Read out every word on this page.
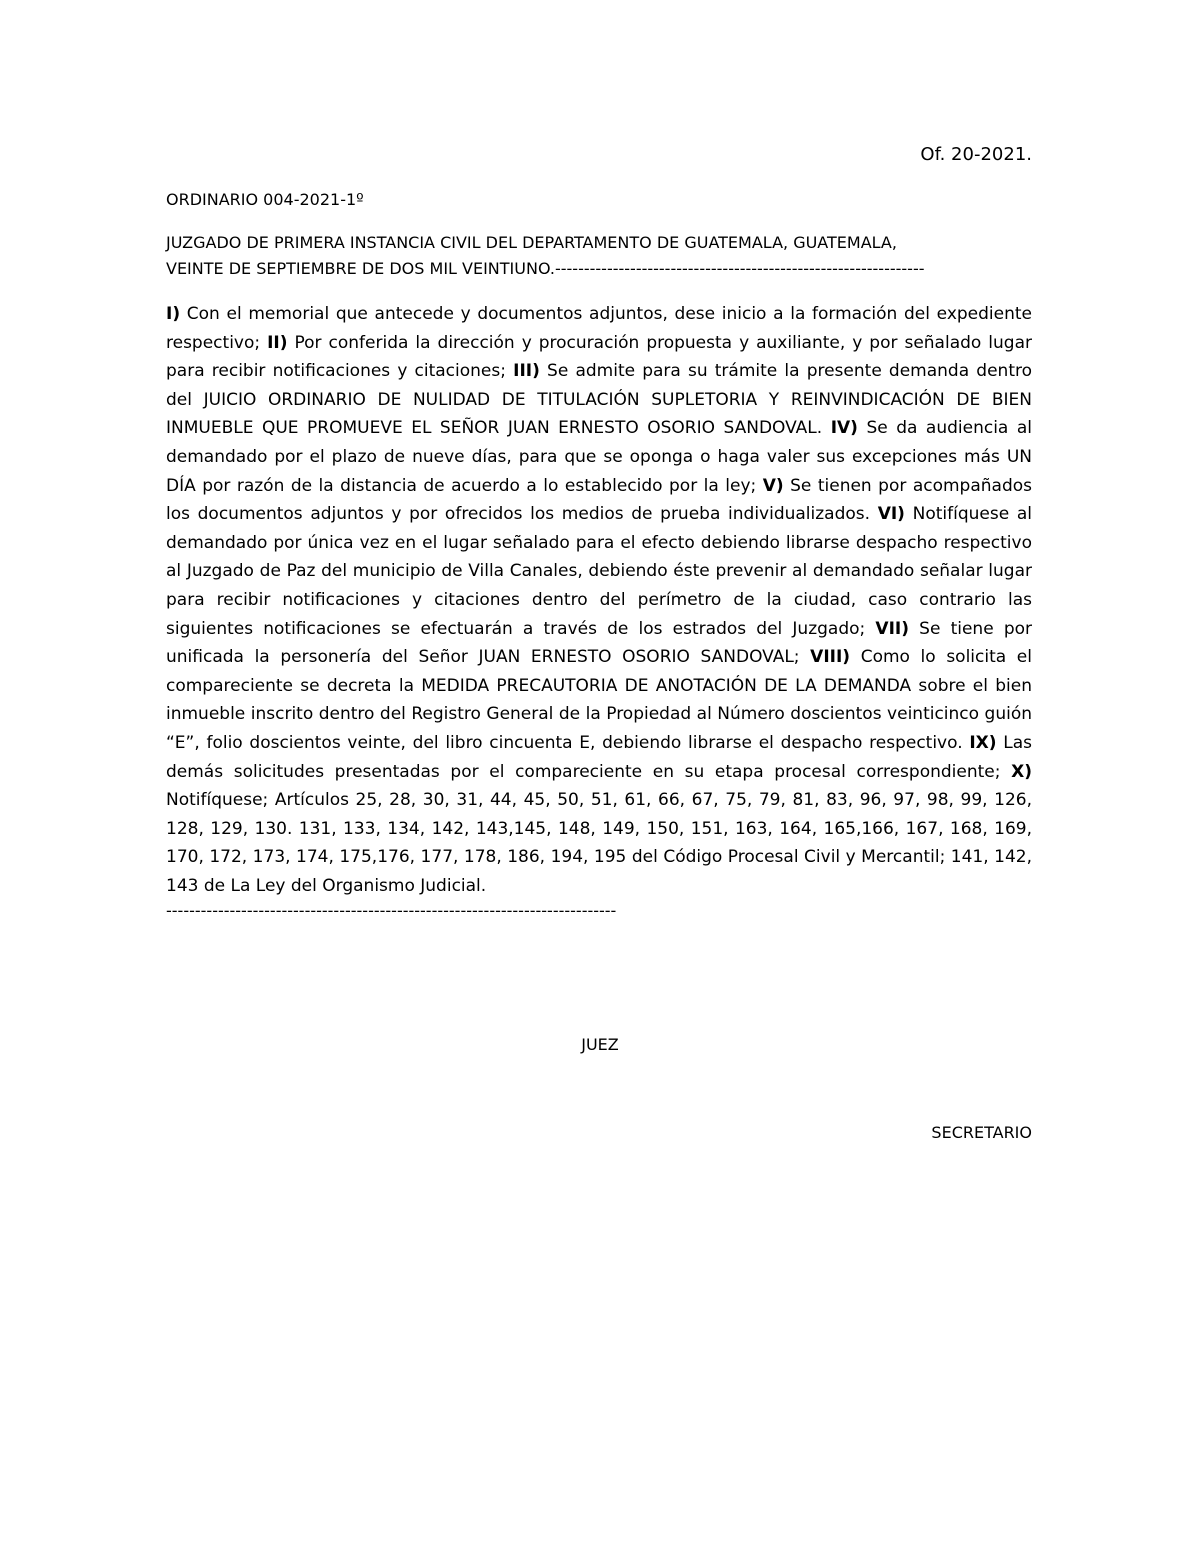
Of. 20-2021.
ORDINARIO 004-2021-1º
JUZGADO DE PRIMERA INSTANCIA CIVIL DEL DEPARTAMENTO DE GUATEMALA, GUATEMALA,
VEINTE DE SEPTIEMBRE DE DOS MIL VEINTIUNO.----------------------------------------------------------------
I) Con el memorial que antecede y documentos adjuntos, dese inicio a la formación del expediente respectivo; II) Por conferida la dirección y procuración propuesta y auxiliante, y por señalado lugar para recibir notificaciones y citaciones; III) Se admite para su trámite la presente demanda dentro del JUICIO ORDINARIO DE NULIDAD DE TITULACIÓN SUPLETORIA Y REINVINDICACIÓN DE BIEN INMUEBLE QUE PROMUEVE EL SEÑOR JUAN ERNESTO OSORIO SANDOVAL. IV) Se da audiencia al demandado por el plazo de nueve días, para que se oponga o haga valer sus excepciones más UN DÍA por razón de la distancia de acuerdo a lo establecido por la ley; V) Se tienen por acompañados los documentos adjuntos y por ofrecidos los medios de prueba individualizados. VI) Notifíquese al demandado por única vez en el lugar señalado para el efecto debiendo librarse despacho respectivo al Juzgado de Paz del municipio de Villa Canales, debiendo éste prevenir al demandado señalar lugar para recibir notificaciones y citaciones dentro del perímetro de la ciudad, caso contrario las siguientes notificaciones se efectuarán a través de los estrados del Juzgado; VII) Se tiene por unificada la personería del Señor JUAN ERNESTO OSORIO SANDOVAL; VIII) Como lo solicita el compareciente se decreta la MEDIDA PRECAUTORIA DE ANOTACIÓN DE LA DEMANDA sobre el bien inmueble inscrito dentro del Registro General de la Propiedad al Número doscientos veinticinco guión “E”, folio doscientos veinte, del libro cincuenta E, debiendo librarse el despacho respectivo. IX) Las demás solicitudes presentadas por el compareciente en su etapa procesal correspondiente; X) Notifíquese; Artículos 25, 28, 30, 31, 44, 45, 50, 51, 61, 66, 67, 75, 79, 81, 83, 96, 97, 98, 99, 126, 128, 129, 130. 131, 133, 134, 142, 143,145, 148, 149, 150, 151, 163, 164, 165,166, 167, 168, 169, 170, 172, 173, 174, 175,176, 177, 178, 186, 194, 195 del Código Procesal Civil y Mercantil; 141, 142, 143 de La Ley del Organismo Judicial.
------------------------------------------------------------------------------
JUEZ
SECRETARIO
